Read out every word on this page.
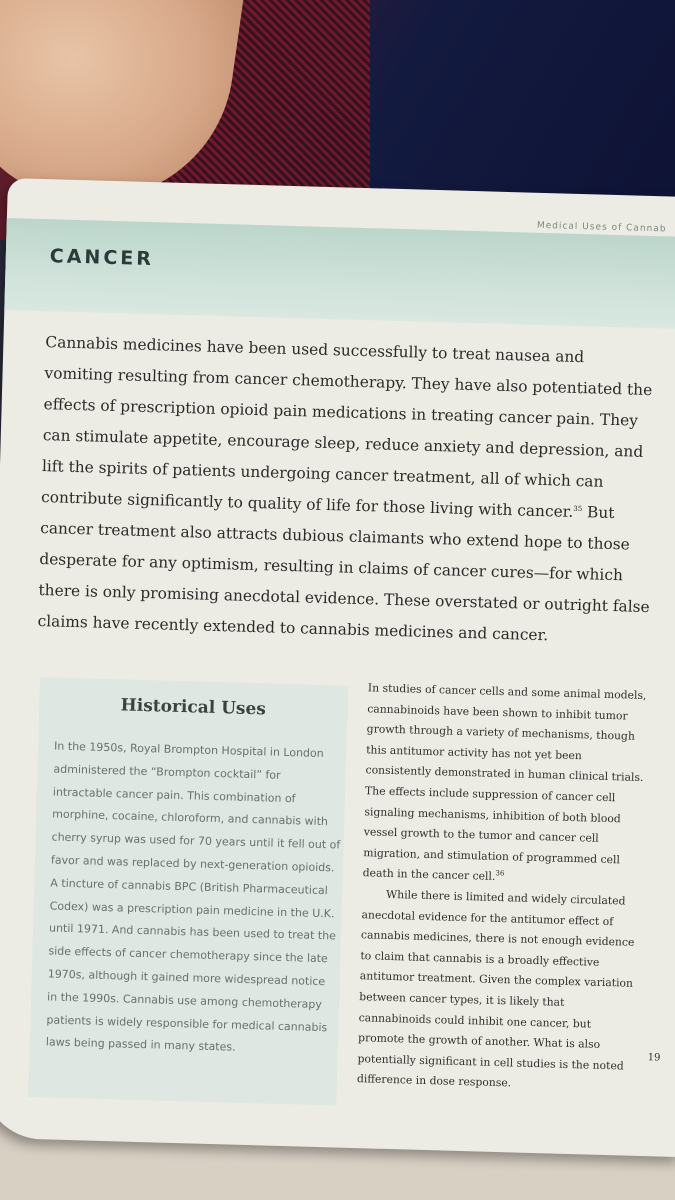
Medical Uses of Cannab
CANCER
Cannabis medicines have been used successfully to treat nausea and vomiting resulting from cancer chemotherapy. They have also potentiated the effects of prescription opioid pain medications in treating cancer pain. They can stimulate appetite, encourage sleep, reduce anxiety and depression, and lift the spirits of patients undergoing cancer treatment, all of which can contribute significantly to quality of life for those living with cancer.$^{35}$ But cancer treatment also attracts dubious claimants who extend hope to those desperate for any optimism, resulting in claims of cancer cures—for which there is only promising anecdotal evidence. These overstated or outright false claims have recently extended to cannabis medicines and cancer.
Historical Uses
In the 1950s, Royal Brompton Hospital in London administered the “Brompton cocktail” for intractable cancer pain. This combination of morphine, cocaine, chloroform, and cannabis with cherry syrup was used for 70 years until it fell out of favor and was replaced by next-generation opioids. A tincture of cannabis BPC (British Pharmaceutical Codex) was a prescription pain medicine in the U.K. until 1971. And cannabis has been used to treat the side effects of cancer chemotherapy since the late 1970s, although it gained more widespread notice in the 1990s. Cannabis use among chemotherapy patients is widely responsible for medical cannabis laws being passed in many states.

In studies of cancer cells and some animal models, cannabinoids have been shown to inhibit tumor growth through a variety of mechanisms, though this antitumor activity has not yet been consistently demonstrated in human clinical trials. The effects include suppression of cancer cell signaling mechanisms, inhibition of both blood vessel growth to the tumor and cancer cell migration, and stimulation of programmed cell death in the cancer cell.$^{36}$

While there is limited and widely circulated anecdotal evidence for the antitumor effect of cannabis medicines, there is not enough evidence to claim that cannabis is a broadly effective antitumor treatment. Given the complex variation between cancer types, it is likely that cannabinoids could inhibit one cancer, but promote the growth of another. What is also potentially significant in cell studies is the noted difference in dose response.

19
